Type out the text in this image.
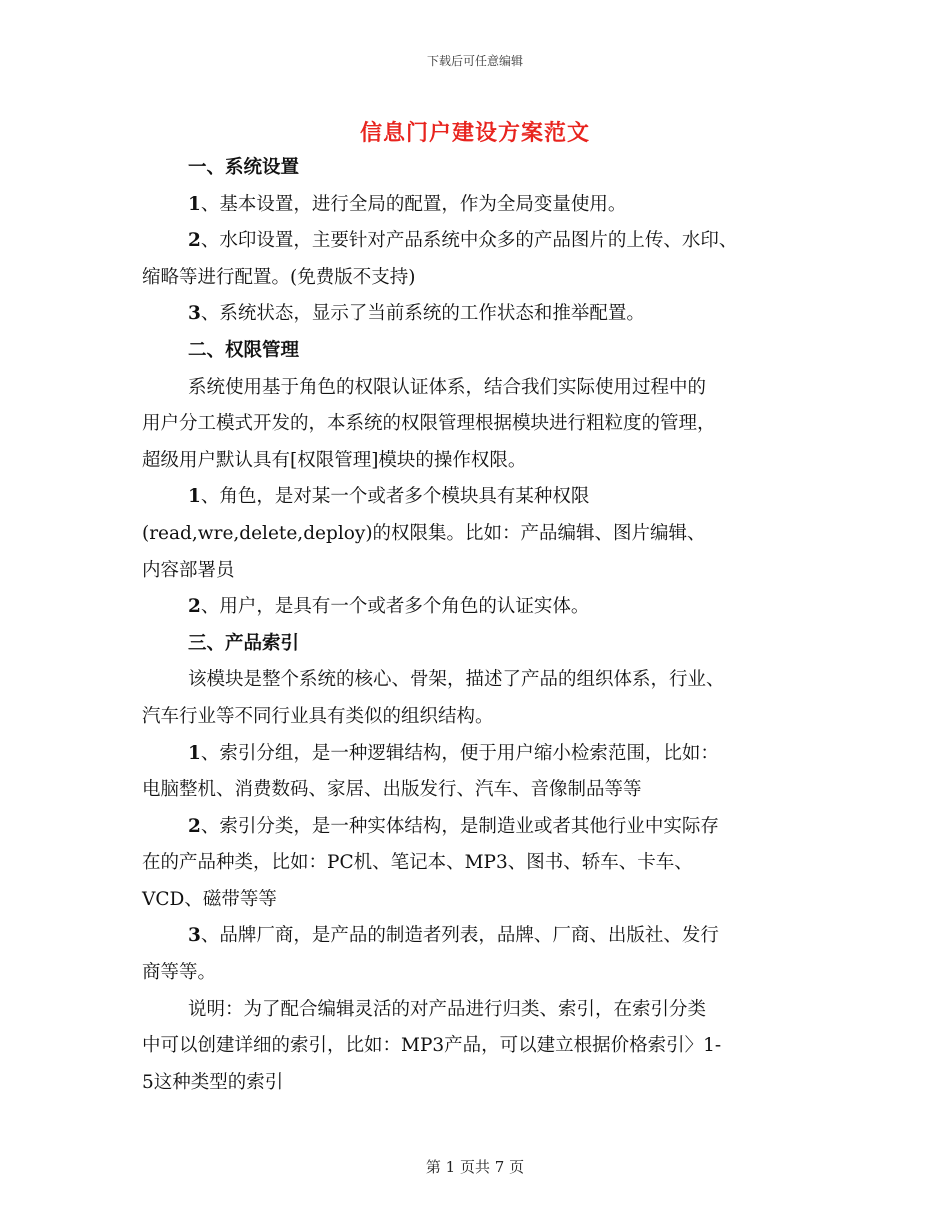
下载后可任意编辑
信息门户建设方案范文
一、系统设置
1、基本设置，进行全局的配置，作为全局变量使用。
2、水印设置，主要针对产品系统中众多的产品图片的上传、水印、
缩略等进行配置。(免费版不支持)
3、系统状态，显示了当前系统的工作状态和推举配置。
二、权限管理
系统使用基于角色的权限认证体系，结合我们实际使用过程中的
用户分工模式开发的，本系统的权限管理根据模块进行粗粒度的管理，
超级用户默认具有[权限管理]模块的操作权限。
1、角色，是对某一个或者多个模块具有某种权限
(read,wre,delete,deploy)的权限集。比如：产品编辑、图片编辑、
内容部署员
2、用户，是具有一个或者多个角色的认证实体。
三、产品索引
该模块是整个系统的核心、骨架，描述了产品的组织体系，行业、
汽车行业等不同行业具有类似的组织结构。
1、索引分组，是一种逻辑结构，便于用户缩小检索范围，比如：
电脑整机、消费数码、家居、出版发行、汽车、音像制品等等
2、索引分类，是一种实体结构，是制造业或者其他行业中实际存
在的产品种类，比如：PC机、笔记本、MP3、图书、轿车、卡车、
VCD、磁带等等
3、品牌厂商，是产品的制造者列表，品牌、厂商、出版社、发行
商等等。
说明：为了配合编辑灵活的对产品进行归类、索引，在索引分类
中可以创建详细的索引，比如：MP3产品，可以建立根据价格索引〉1-
5这种类型的索引
第 1 页共 7 页
